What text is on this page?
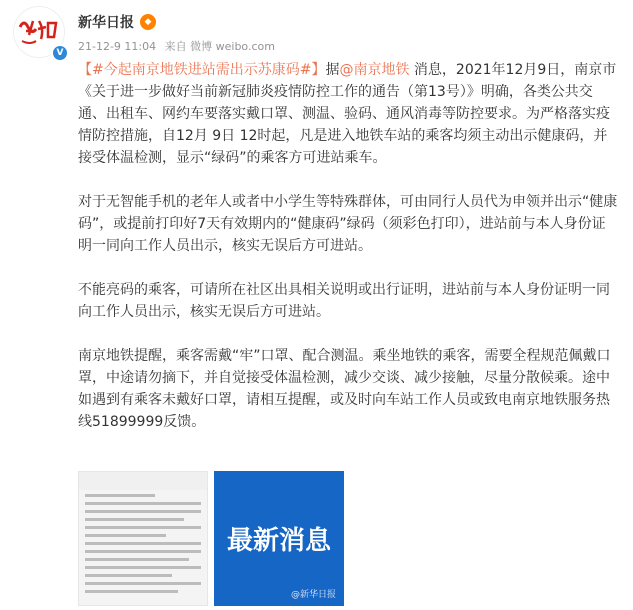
V
新华日报 ◆
21-12-9 11:04 来自 微博 weibo.com

【#今起南京地铁进站需出示苏康码#】据@南京地铁 消息，2021年12月9日，南京市《关于进一步做好当前新冠肺炎疫情防控工作的通告（第13号）》明确，各类公共交通、出租车、网约车要落实戴口罩、测温、验码、通风消毒等防控要求。为严格落实疫情防控措施，自12月 9日 12时起，凡是进入地铁车站的乘客均须主动出示健康码，并接受体温检测，显示“绿码”的乘客方可进站乘车。

对于无智能手机的老年人或者中小学生等特殊群体，可由同行人员代为申领并出示“健康码”，或提前打印好7天有效期内的“健康码”绿码（须彩色打印），进站前与本人身份证明一同向工作人员出示，核实无误后方可进站。

不能亮码的乘客，可请所在社区出具相关说明或出行证明，进站前与本人身份证明一同向工作人员出示，核实无误后方可进站。

南京地铁提醒，乘客需戴“牢”口罩、配合测温。乘坐地铁的乘客，需要全程规范佩戴口罩，中途请勿摘下，并自觉接受体温检测，减少交谈、减少接触，尽量分散候乘。途中如遇到有乘客未戴好口罩，请相互提醒，或及时向车站工作人员或致电南京地铁服务热线51899999反馈。

最新消息
@新华日报
